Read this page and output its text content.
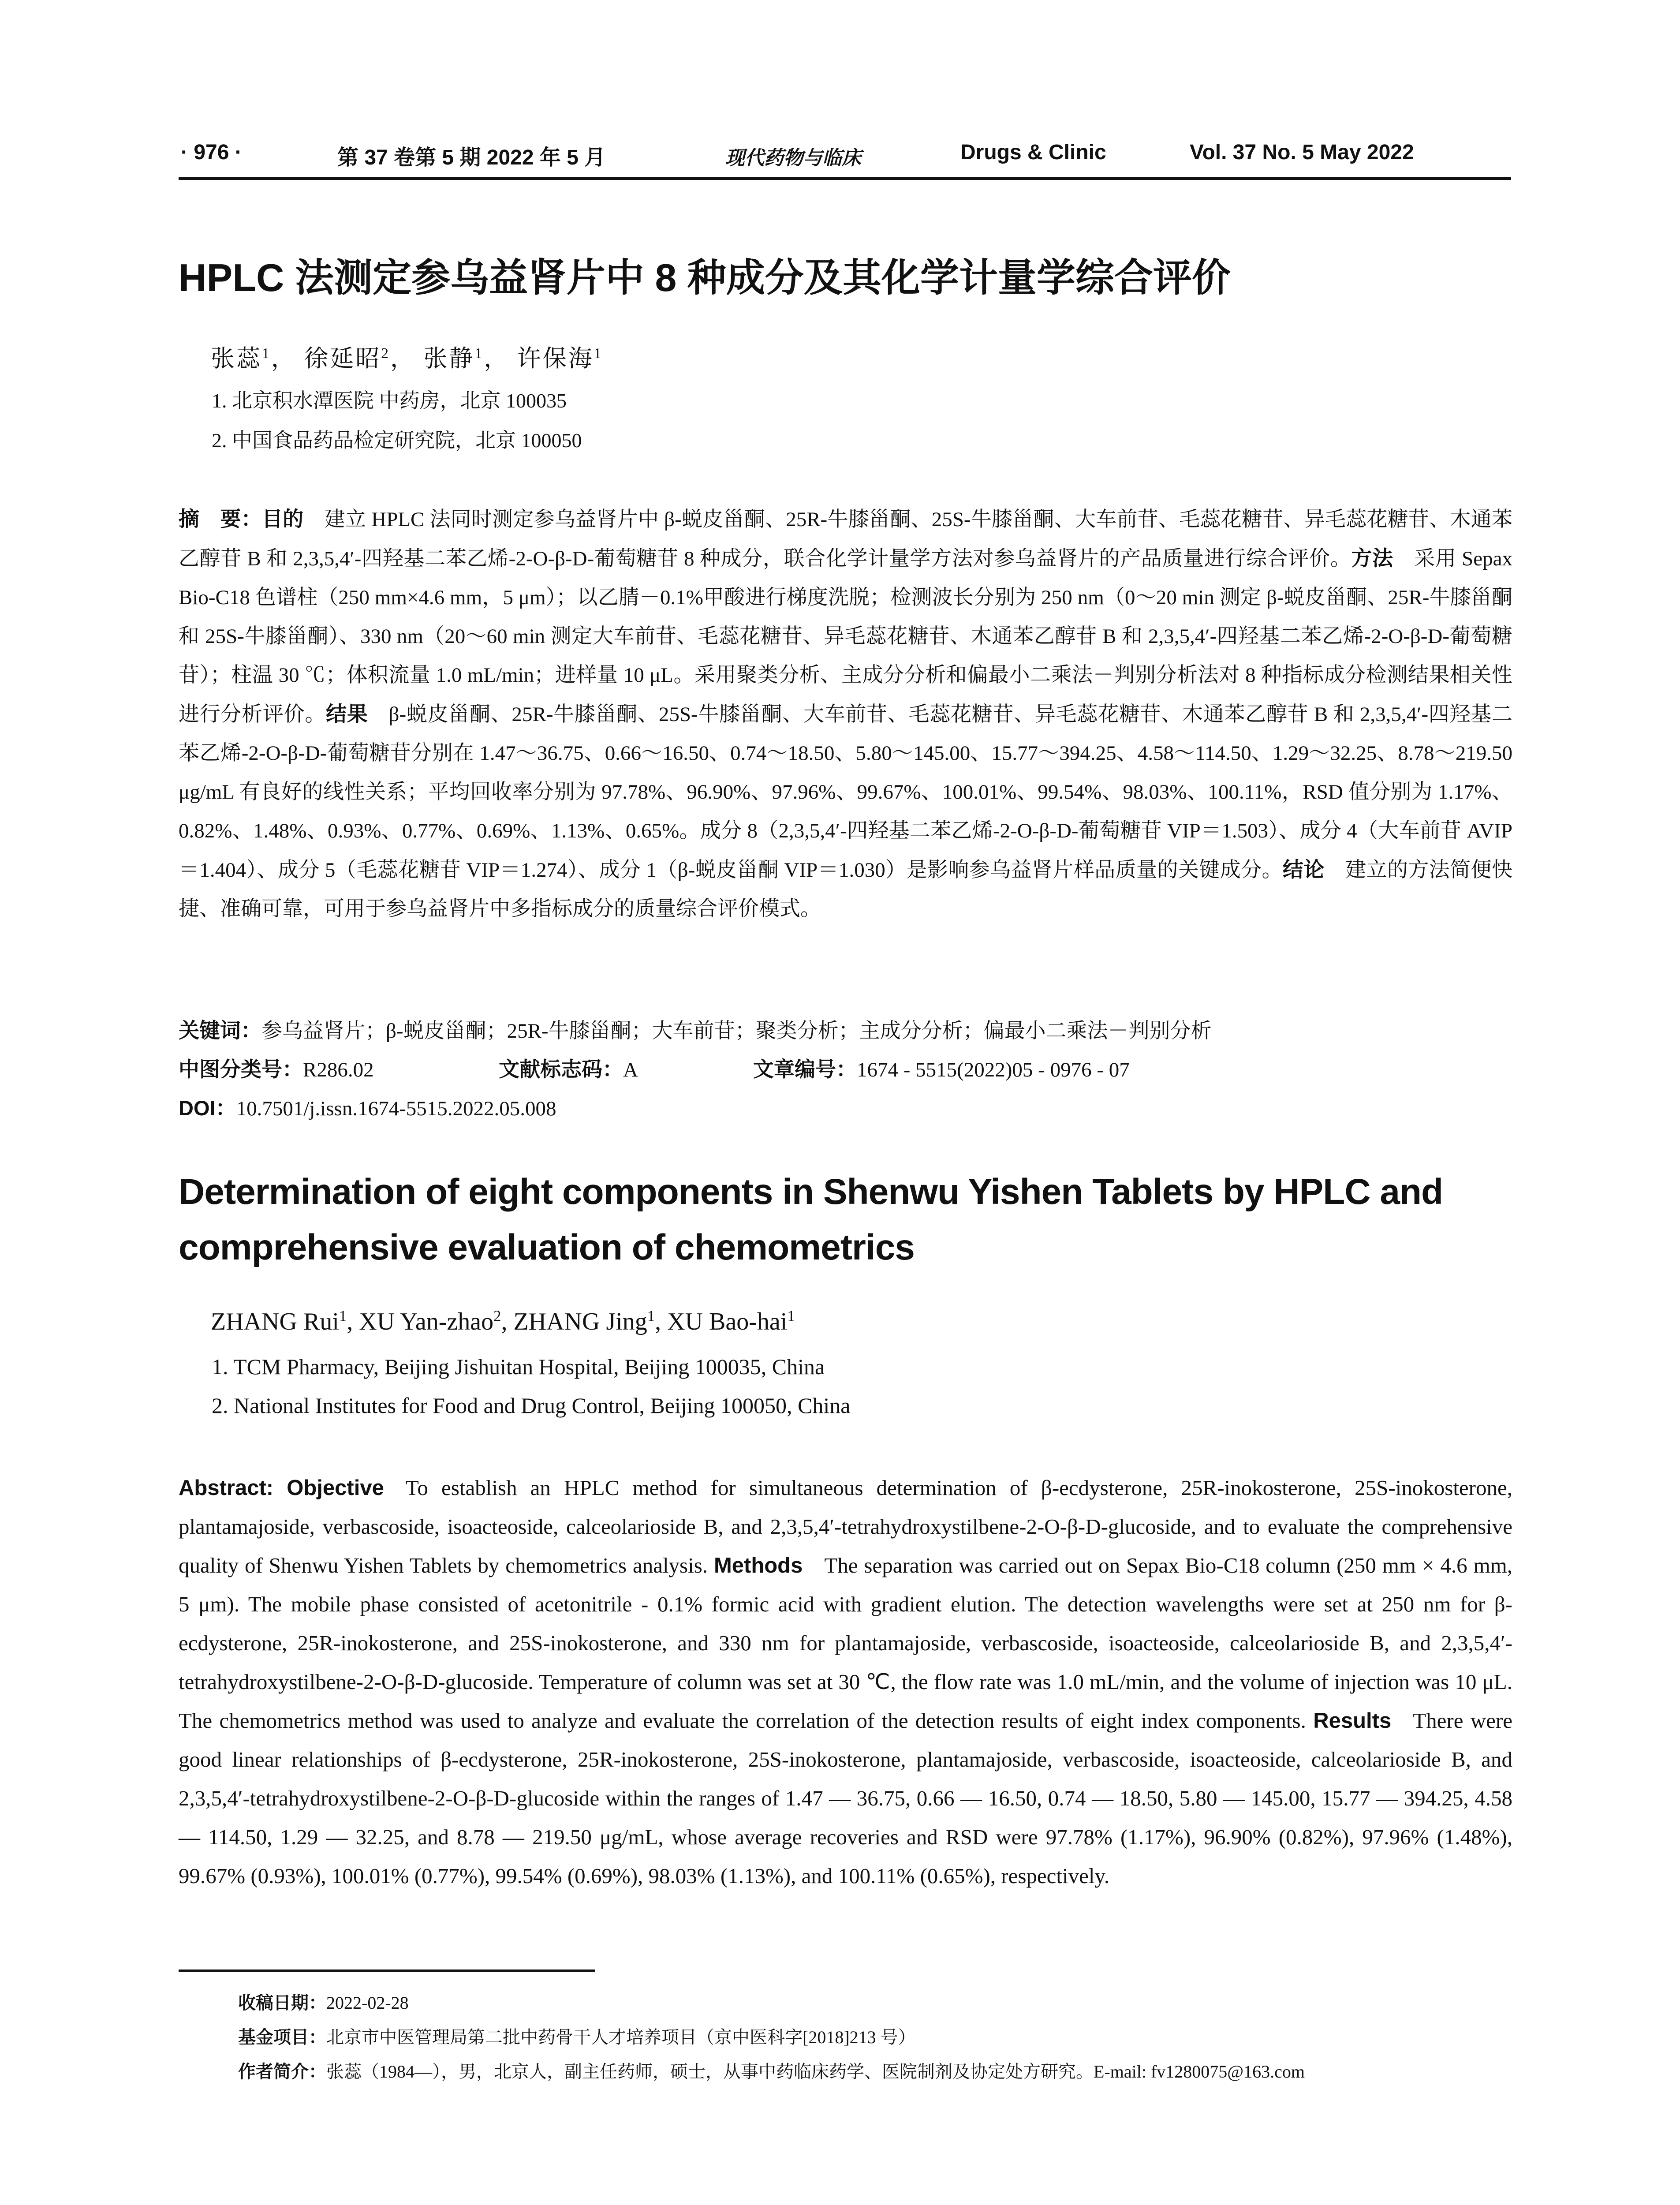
· 976 ·	第 37 卷第 5 期 2022 年 5 月	现代药物与临床	Drugs & Clinic	Vol. 37 No. 5 May 2022
HPLC 法测定参乌益肾片中 8 种成分及其化学计量学综合评价
张蕊$^1$， 徐延昭$^2$， 张静$^1$， 许保海$^1$
1. 北京积水潭医院 中药房，北京 100035
2. 中国食品药品检定研究院，北京 100050
摘　要：目的  建立 HPLC 法同时测定参乌益肾片中 β-蜕皮甾酮、25R-牛膝甾酮、25S-牛膝甾酮、大车前苷、毛蕊花糖苷、异毛蕊花糖苷、木通苯乙醇苷 B 和 2,3,5,4′-四羟基二苯乙烯-2-O-β-D-葡萄糖苷 8 种成分，联合化学计量学方法对参乌益肾片的产品质量进行综合评价。方法  采用 Sepax Bio-C18 色谱柱（250 mm×4.6 mm，5 μm）；以乙腈－0.1%甲酸进行梯度洗脱；检测波长分别为 250 nm（0～20 min 测定 β-蜕皮甾酮、25R-牛膝甾酮和 25S-牛膝甾酮）、330 nm（20～60 min 测定大车前苷、毛蕊花糖苷、异毛蕊花糖苷、木通苯乙醇苷 B 和 2,3,5,4′-四羟基二苯乙烯-2-O-β-D-葡萄糖苷）；柱温 30 ℃；体积流量 1.0 mL/min；进样量 10 μL。采用聚类分析、主成分分析和偏最小二乘法－判别分析法对 8 种指标成分检测结果相关性进行分析评价。结果  β-蜕皮甾酮、25R-牛膝甾酮、25S-牛膝甾酮、大车前苷、毛蕊花糖苷、异毛蕊花糖苷、木通苯乙醇苷 B 和 2,3,5,4′-四羟基二苯乙烯-2-O-β-D-葡萄糖苷分别在 1.47～36.75、0.66～16.50、0.74～18.50、5.80～145.00、15.77～394.25、4.58～114.50、1.29～32.25、8.78～219.50 μg/mL 有良好的线性关系；平均回收率分别为 97.78%、96.90%、97.96%、99.67%、100.01%、99.54%、98.03%、100.11%，RSD 值分别为 1.17%、0.82%、1.48%、0.93%、0.77%、0.69%、1.13%、0.65%。成分 8（2,3,5,4′-四羟基二苯乙烯-2-O-β-D-葡萄糖苷 VIP＝1.503）、成分 4（大车前苷 AVIP＝1.404）、成分 5（毛蕊花糖苷 VIP＝1.274）、成分 1（β-蜕皮甾酮 VIP＝1.030）是影响参乌益肾片样品质量的关键成分。结论  建立的方法简便快捷、准确可靠，可用于参乌益肾片中多指标成分的质量综合评价模式。
关键词：参乌益肾片；β-蜕皮甾酮；25R-牛膝甾酮；大车前苷；聚类分析；主成分分析；偏最小二乘法－判别分析
中图分类号：R286.02	文献标志码：A	文章编号：1674 - 5515(2022)05 - 0976 - 07
DOI：10.7501/j.issn.1674-5515.2022.05.008
Determination of eight components in Shenwu Yishen Tablets by HPLC and comprehensive evaluation of chemometrics
ZHANG Rui$^1$, XU Yan-zhao$^2$, ZHANG Jing$^1$, XU Bao-hai$^1$
1. TCM Pharmacy, Beijing Jishuitan Hospital, Beijing 100035, China
2. National Institutes for Food and Drug Control, Beijing 100050, China
Abstract: Objective  To establish an HPLC method for simultaneous determination of β-ecdysterone, 25R-inokosterone, 25S-inokosterone, plantamajoside, verbascoside, isoacteoside, calceolarioside B, and 2,3,5,4′-tetrahydroxystilbene-2-O-β-D-glucoside, and to evaluate the comprehensive quality of Shenwu Yishen Tablets by chemometrics analysis. Methods  The separation was carried out on Sepax Bio-C18 column (250 mm × 4.6 mm, 5 μm). The mobile phase consisted of acetonitrile - 0.1% formic acid with gradient elution. The detection wavelengths were set at 250 nm for β-ecdysterone, 25R-inokosterone, and 25S-inokosterone, and 330 nm for plantamajoside, verbascoside, isoacteoside, calceolarioside B, and 2,3,5,4′-tetrahydroxystilbene-2-O-β-D-glucoside. Temperature of column was set at 30 ℃, the flow rate was 1.0 mL/min, and the volume of injection was 10 μL. The chemometrics method was used to analyze and evaluate the correlation of the detection results of eight index components. Results  There were good linear relationships of β-ecdysterone, 25R-inokosterone, 25S-inokosterone, plantamajoside, verbascoside, isoacteoside, calceolarioside B, and 2,3,5,4′-tetrahydroxystilbene-2-O-β-D-glucoside within the ranges of 1.47 — 36.75, 0.66 — 16.50, 0.74 — 18.50, 5.80 — 145.00, 15.77 — 394.25, 4.58 — 114.50, 1.29 — 32.25, and 8.78 — 219.50 μg/mL, whose average recoveries and RSD were 97.78% (1.17%), 96.90% (0.82%), 97.96% (1.48%), 99.67% (0.93%), 100.01% (0.77%), 99.54% (0.69%), 98.03% (1.13%), and 100.11% (0.65%), respectively.
收稿日期：2022-02-28
基金项目：北京市中医管理局第二批中药骨干人才培养项目（京中医科字[2018]213 号）
作者简介：张蕊（1984—），男，北京人，副主任药师，硕士，从事中药临床药学、医院制剂及协定处方研究。E-mail: fv1280075@163.com
